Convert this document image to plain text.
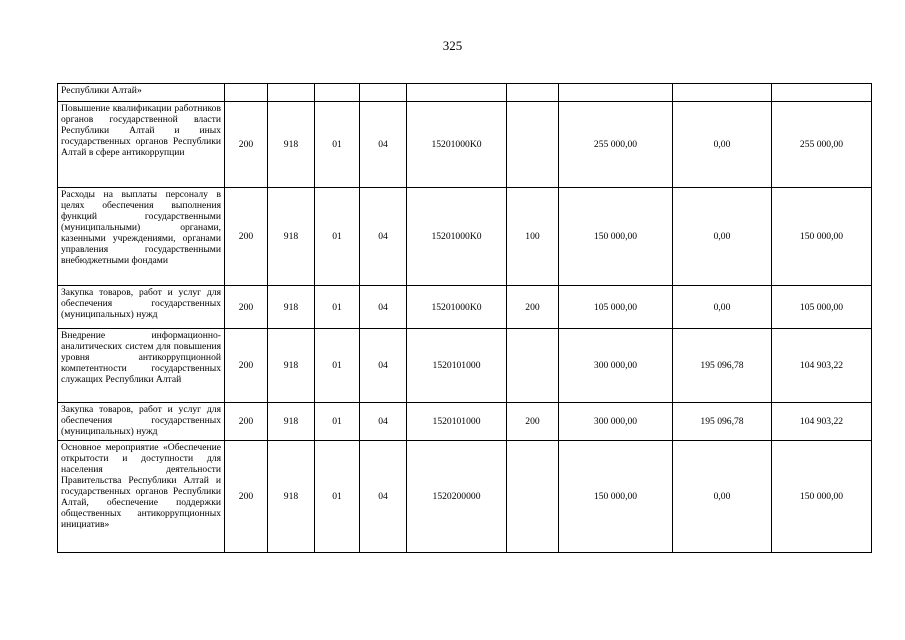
325
Республики Алтай»									
Повышение квалификации работников органов государственной власти Республики Алтай и иных государственных органов Республики Алтай в сфере антикоррупции	200	918	01	04	15201000K0		255 000,00	0,00	255 000,00
Расходы на выплаты персоналу в целях обеспечения выполнения функций государственными (муниципальными) органами, казенными учреждениями, органами управления государственными внебюджетными фондами	200	918	01	04	15201000K0	100	150 000,00	0,00	150 000,00
Закупка товаров, работ и услуг для обеспечения государственных (муниципальных) нужд	200	918	01	04	15201000K0	200	105 000,00	0,00	105 000,00
Внедрение информационно-аналитических систем для повышения уровня антикоррупционной компетентности государственных служащих Республики Алтай	200	918	01	04	1520101000		300 000,00	195 096,78	104 903,22
Закупка товаров, работ и услуг для обеспечения государственных (муниципальных) нужд	200	918	01	04	1520101000	200	300 000,00	195 096,78	104 903,22
Основное мероприятие «Обеспечение открытости и доступности для населения деятельности Правительства Республики Алтай и государственных органов Республики Алтай, обеспечение поддержки общественных антикоррупционных инициатив»	200	918	01	04	1520200000		150 000,00	0,00	150 000,00
